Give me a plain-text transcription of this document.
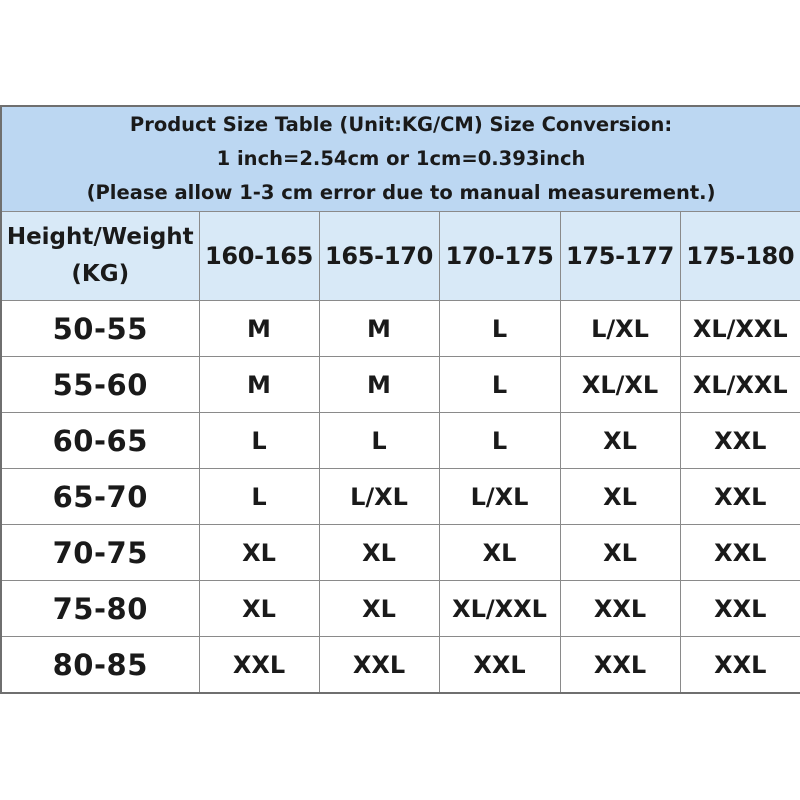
Product Size Table (Unit:KG/CM) Size Conversion:
1 inch=2.54cm or 1cm=0.393inch
(Please allow 1-3 cm error due to manual measurement.)					

Height/Weight
(KG)	160-165	165-170	170-175	175-177	175-180
50-55	M	M	L	L/XL	XL/XXL
55-60	M	M	L	XL/XL	XL/XXL
60-65	L	L	L	XL	XXL
65-70	L	L/XL	L/XL	XL	XXL
70-75	XL	XL	XL	XL	XXL
75-80	XL	XL	XL/XXL	XXL	XXL
80-85	XXL	XXL	XXL	XXL	XXL
